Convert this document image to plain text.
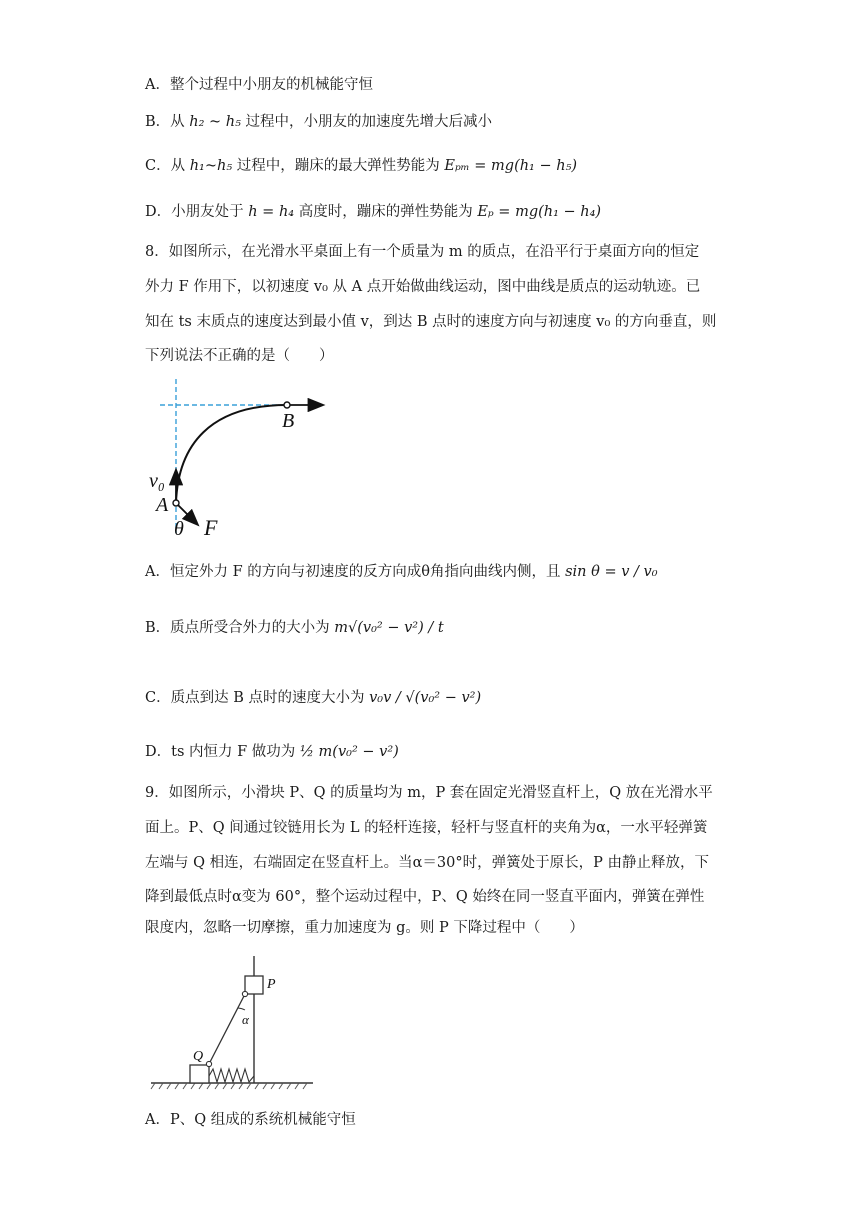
A．整个过程中小朋友的机械能守恒
B．从 h₂ ~ h₅ 过程中，小朋友的加速度先增大后减小
C．从 h₁~h₅ 过程中，蹦床的最大弹性势能为 Eₚₘ = mg(h₁ − h₅)
D．小朋友处于 h = h₄ 高度时，蹦床的弹性势能为 Eₚ = mg(h₁ − h₄)
8．如图所示，在光滑水平桌面上有一个质量为 m 的质点，在沿平行于桌面方向的恒定
外力 F 作用下，以初速度 v₀ 从 A 点开始做曲线运动，图中曲线是质点的运动轨迹。已
知在 ts 末质点的速度达到最小值 v，到达 B 点时的速度方向与初速度 v₀ 的方向垂直，则
下列说法不正确的是（　　）
B
v₀
A
θ F
A．恒定外力 F 的方向与初速度的反方向成θ角指向曲线内侧，且 sin θ = v / v₀
B．质点所受合外力的大小为 m√(v₀² − v²) / t
C．质点到达 B 点时的速度大小为 v₀v / √(v₀² − v²)
D．ts 内恒力 F 做功为 ½ m(v₀² − v²)
9．如图所示，小滑块 P、Q 的质量均为 m，P 套在固定光滑竖直杆上，Q 放在光滑水平
面上。P、Q 间通过铰链用长为 L 的轻杆连接，轻杆与竖直杆的夹角为α，一水平轻弹簧
左端与 Q 相连，右端固定在竖直杆上。当α＝30°时，弹簧处于原长，P 由静止释放，下
降到最低点时α变为 60°，整个运动过程中，P、Q 始终在同一竖直平面内，弹簧在弹性
限度内，忽略一切摩擦，重力加速度为 g。则 P 下降过程中（　　）
P
Q
α
A．P、Q 组成的系统机械能守恒
